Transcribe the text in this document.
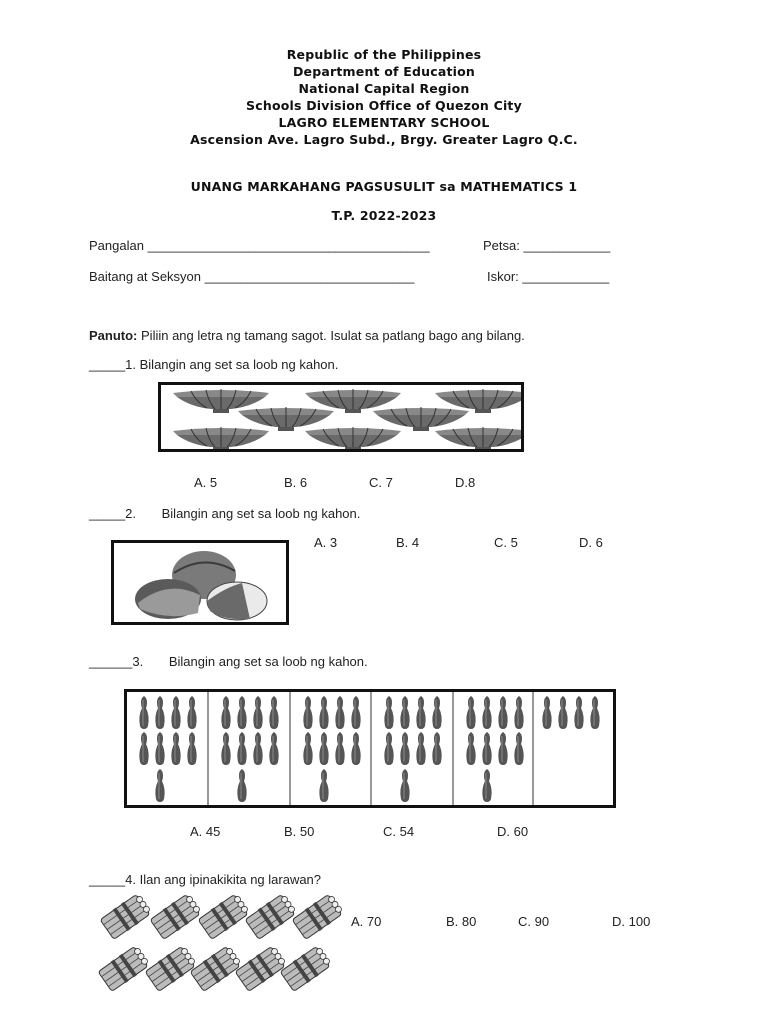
Republic of the Philippines
Department of Education
National Capital Region
Schools Division Office of Quezon City
LAGRO ELEMENTARY SCHOOL
Ascension Ave. Lagro Subd., Brgy. Greater Lagro Q.C.
UNANG MARKAHANG PAGSUSULIT sa MATHEMATICS 1
T.P. 2022-2023
Pangalan _______________________________________	Petsa: ____________
Baitang at Seksyon _____________________________	Iskor: ____________
Panuto: Piliin ang letra ng tamang sagot. Isulat sa patlang bago ang bilang.
_____1. Bilangin ang set sa loob ng kahon.
A. 5	B. 6	C. 7	D.8
_____2. Bilangin ang set sa loob ng kahon.
A. 3	B. 4	C. 5	D. 6
______3. Bilangin ang set sa loob ng kahon.
A. 45	B. 50	C. 54	D. 60
_____4. Ilan ang ipinakikita ng larawan?
A. 70	B. 80	C. 90	D. 100
